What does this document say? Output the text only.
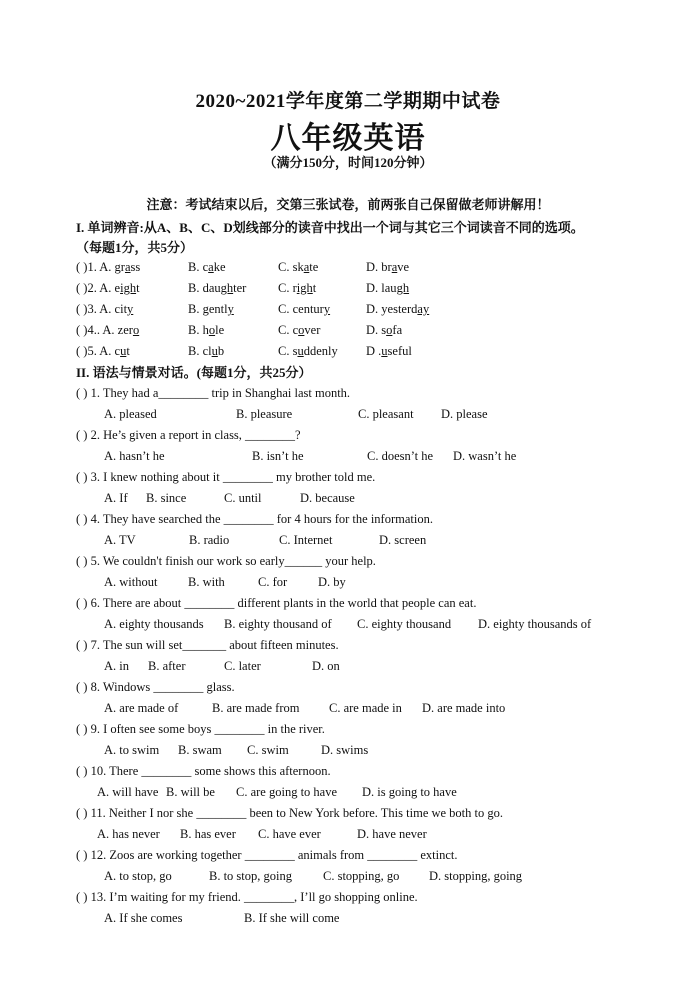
2020~2021学年度第二学期期中试卷
八年级英语
（满分150分，时间120分钟）
注意：考试结束以后，交第三张试卷，前两张自己保留做老师讲解用！
I. 单词辨音:从A、B、C、D划线部分的读音中找出一个词与其它三个词读音不同的选项。
（每题1分，共5分）
( )1. A. grass	B. cake	C. skate	D. brave
( )2. A. eight	B. daughter	C. right	D. laugh
( )3. A. city	B. gently	C. century	D. yesterday
( )4.. A. zero	B. hole	C. cover	D. sofa
( )5. A. cut	B. club	C. suddenly D .useful
II. 语法与情景对话。(每题1分，共25分）
( ) 1. They had a________ trip in Shanghai last month.
A. pleased	B. pleasure	C. pleasant D. please
( ) 2. He’s given a report in class, ________?
A. hasn’t he	B. isn’t he	C. doesn’t he D. wasn’t he
( ) 3. I knew nothing about it ________ my brother told me.
A. If B. since	C. until	D. because
( ) 4. They have searched the ________ for 4 hours for the information.
A. TV	B. radio	C. Internet	D. screen
( ) 5. We couldn't finish our work so early______ your help.
A. without B. with	C. for D. by
( ) 6. There are about ________ different plants in the world that people can eat.
A. eighty thousands B. eighty thousand of C. eighty thousand D. eighty thousands of
( ) 7. The sun will set_______ about fifteen minutes.
A. in B. after	C. later	D. on
( ) 8. Windows ________ glass.
A. are made of	B. are made from C. are made in D. are made into
( ) 9. I often see some boys ________ in the river.
A. to swim B. swam C. swim	D. swims
( ) 10. There ________ some shows this afternoon.
A. will have B. will be C. are going to have D. is going to have
( ) 11. Neither I nor she ________ been to New York before. This time we both to go.
A. has never B. has ever C. have ever	D. have never
( ) 12. Zoos are working together ________ animals from ________ extinct.
A. to stop, go	B. to stop, going C. stopping, go D. stopping, going
( ) 13. I’m waiting for my friend. ________, I’ll go shopping online.
A. If she comes	B. If she will come
